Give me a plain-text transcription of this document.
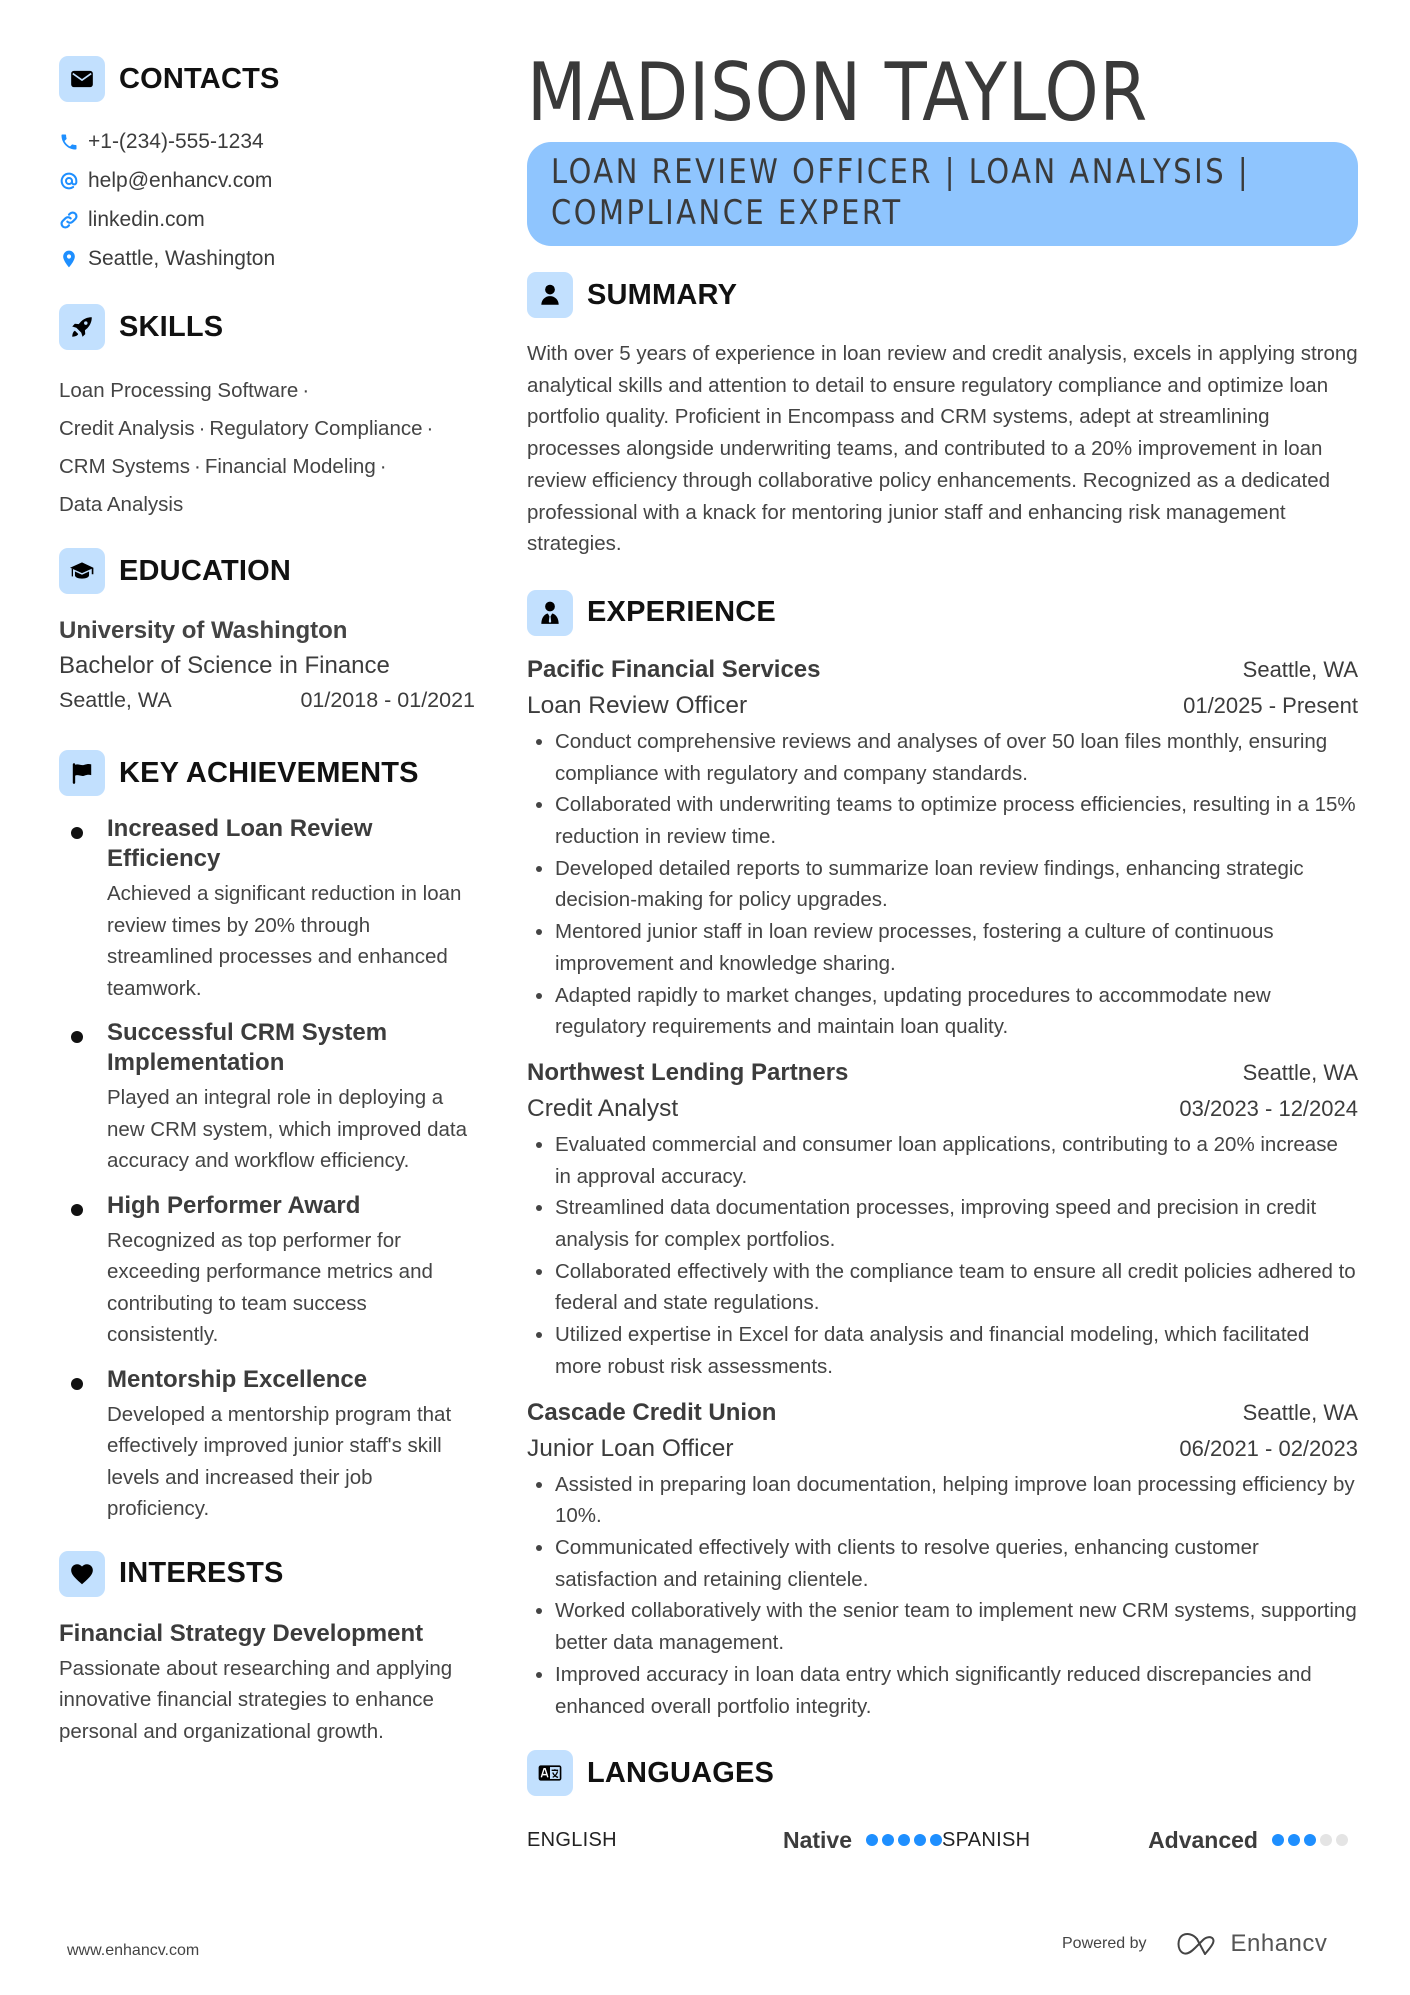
CONTACTS
+1-(234)-555-1234
help@enhancv.com
linkedin.com
Seattle, Washington
SKILLS
Loan Processing Software ·
Credit Analysis · Regulatory Compliance ·
CRM Systems · Financial Modeling ·
Data Analysis
EDUCATION
University of Washington
Bachelor of Science in Finance
Seattle, WA	01/2018 - 01/2021
KEY ACHIEVEMENTS
Increased Loan Review Efficiency
Achieved a significant reduction in loan review times by 20% through streamlined processes and enhanced teamwork.
Successful CRM System Implementation
Played an integral role in deploying a new CRM system, which improved data accuracy and workflow efficiency.
High Performer Award
Recognized as top performer for exceeding performance metrics and contributing to team success consistently.
Mentorship Excellence
Developed a mentorship program that effectively improved junior staff's skill levels and increased their job proficiency.
INTERESTS
Financial Strategy Development
Passionate about researching and applying innovative financial strategies to enhance personal and organizational growth.
MADISON TAYLOR
LOAN REVIEW OFFICER | LOAN ANALYSIS | COMPLIANCE EXPERT
SUMMARY

With over 5 years of experience in loan review and credit analysis, excels in applying strong analytical skills and attention to detail to ensure regulatory compliance and optimize loan portfolio quality. Proficient in Encompass and CRM systems, adept at streamlining processes alongside underwriting teams, and contributed to a 20% improvement in loan review efficiency through collaborative policy enhancements. Recognized as a dedicated professional with a knack for mentoring junior staff and enhancing risk management strategies.

EXPERIENCE
Pacific Financial Services	Seattle, WA
Loan Review Officer	01/2025 - Present
Conduct comprehensive reviews and analyses of over 50 loan files monthly, ensuring compliance with regulatory and company standards.
Collaborated with underwriting teams to optimize process efficiencies, resulting in a 15% reduction in review time.
Developed detailed reports to summarize loan review findings, enhancing strategic decision-making for policy upgrades.
Mentored junior staff in loan review processes, fostering a culture of continuous improvement and knowledge sharing.
Adapted rapidly to market changes, updating procedures to accommodate new regulatory requirements and maintain loan quality.
Northwest Lending Partners	Seattle, WA
Credit Analyst	03/2023 - 12/2024
Evaluated commercial and consumer loan applications, contributing to a 20% increase in approval accuracy.
Streamlined data documentation processes, improving speed and precision in credit analysis for complex portfolios.
Collaborated effectively with the compliance team to ensure all credit policies adhered to federal and state regulations.
Utilized expertise in Excel for data analysis and financial modeling, which facilitated more robust risk assessments.
Cascade Credit Union	Seattle, WA
Junior Loan Officer	06/2021 - 02/2023
Assisted in preparing loan documentation, helping improve loan processing efficiency by 10%.
Communicated effectively with clients to resolve queries, enhancing customer satisfaction and retaining clientele.
Worked collaboratively with the senior team to implement new CRM systems, supporting better data management.
Improved accuracy in loan data entry which significantly reduced discrepancies and enhanced overall portfolio integrity.
LANGUAGES
ENGLISH	Native	SPANISH	Advanced
www.enhancv.com	Powered by	Enhancv
